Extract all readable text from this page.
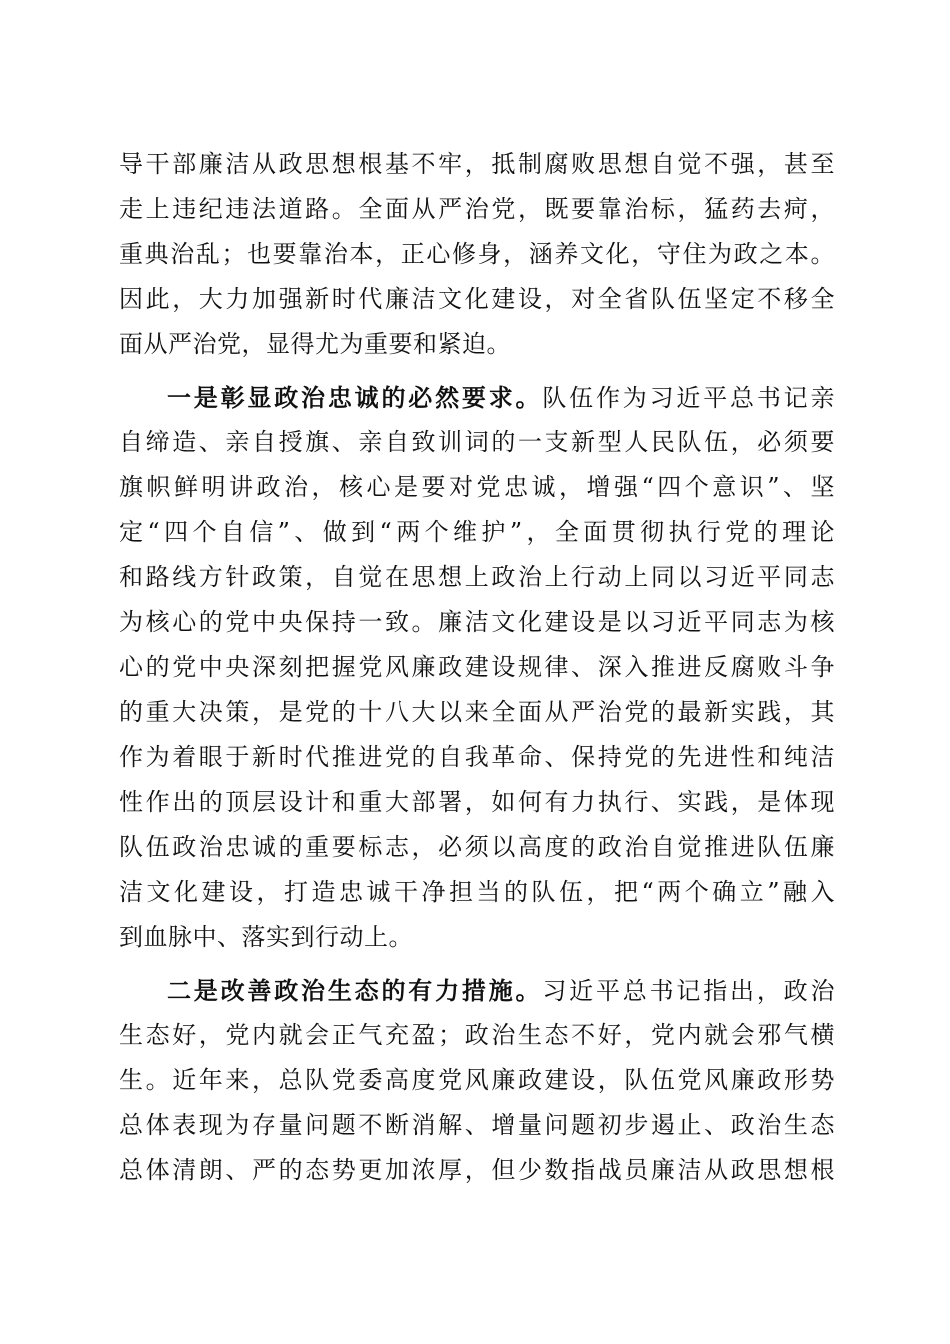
导干部廉洁从政思想根基不牢，抵制腐败思想自觉不强，甚至
走上违纪违法道路。全面从严治党，既要靠治标，猛药去疴，
重典治乱；也要靠治本，正心修身，涵养文化，守住为政之本。
因此，大力加强新时代廉洁文化建设，对全省队伍坚定不移全
面从严治党，显得尤为重要和紧迫。
一是彰显政治忠诚的必然要求。队伍作为习近平总书记亲
自缔造、亲自授旗、亲自致训词的一支新型人民队伍，必须要
旗帜鲜明讲政治，核心是要对党忠诚，增强“四个意识”、坚
定“四个自信”、做到“两个维护”，全面贯彻执行党的理论
和路线方针政策，自觉在思想上政治上行动上同以习近平同志
为核心的党中央保持一致。廉洁文化建设是以习近平同志为核
心的党中央深刻把握党风廉政建设规律、深入推进反腐败斗争
的重大决策，是党的十八大以来全面从严治党的最新实践，其
作为着眼于新时代推进党的自我革命、保持党的先进性和纯洁
性作出的顶层设计和重大部署，如何有力执行、实践，是体现
队伍政治忠诚的重要标志，必须以高度的政治自觉推进队伍廉
洁文化建设，打造忠诚干净担当的队伍，把“两个确立”融入
到血脉中、落实到行动上。
二是改善政治生态的有力措施。习近平总书记指出，政治
生态好，党内就会正气充盈；政治生态不好，党内就会邪气横
生。近年来，总队党委高度党风廉政建设，队伍党风廉政形势
总体表现为存量问题不断消解、增量问题初步遏止、政治生态
总体清朗、严的态势更加浓厚，但少数指战员廉洁从政思想根
